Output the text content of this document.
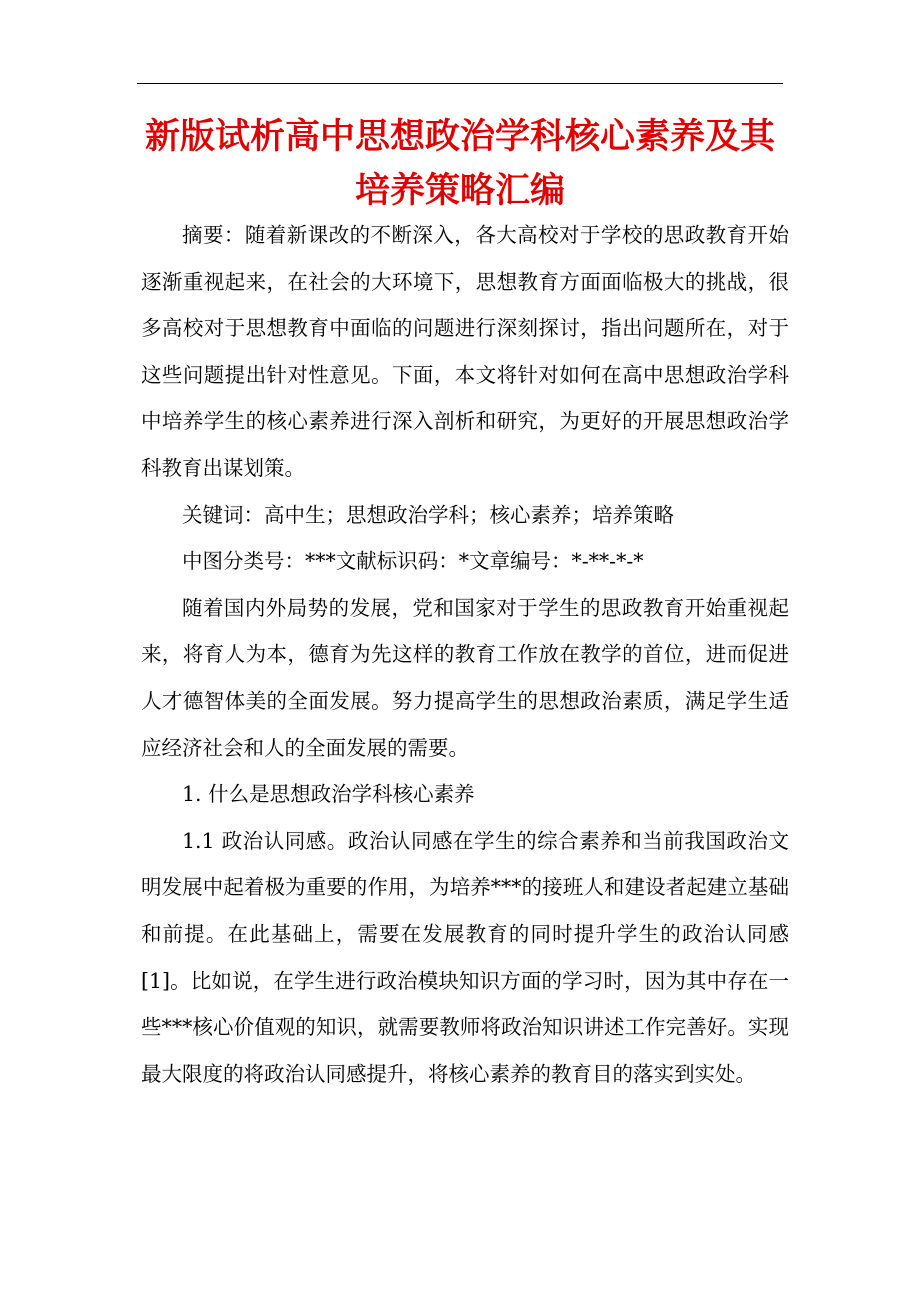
新版试析高中思想政治学科核心素养及其
培养策略汇编

摘要：随着新课改的不断深入，各大高校对于学校的思政教育开始逐渐重视起来，在社会的大环境下，思想教育方面面临极大的挑战，很多高校对于思想教育中面临的问题进行深刻探讨，指出问题所在，对于这些问题提出针对性意见。下面，本文将针对如何在高中思想政治学科中培养学生的核心素养进行深入剖析和研究，为更好的开展思想政治学科教育出谋划策。

关键词：高中生；思想政治学科；核心素养；培养策略

中图分类号：***文献标识码：*文章编号：*-**-*-*

随着国内外局势的发展，党和国家对于学生的思政教育开始重视起来，将育人为本，德育为先这样的教育工作放在教学的首位，进而促进人才德智体美的全面发展。努力提高学生的思想政治素质，满足学生适应经济社会和人的全面发展的需要。

1. 什么是思想政治学科核心素养

1.1 政治认同感。政治认同感在学生的综合素养和当前我国政治文明发展中起着极为重要的作用，为培养***的接班人和建设者起建立基础和前提。在此基础上，需要在发展教育的同时提升学生的政治认同感[1]。比如说，在学生进行政治模块知识方面的学习时，因为其中存在一些***核心价值观的知识，就需要教师将政治知识讲述工作完善好。实现最大限度的将政治认同感提升，将核心素养的教育目的落实到实处。
